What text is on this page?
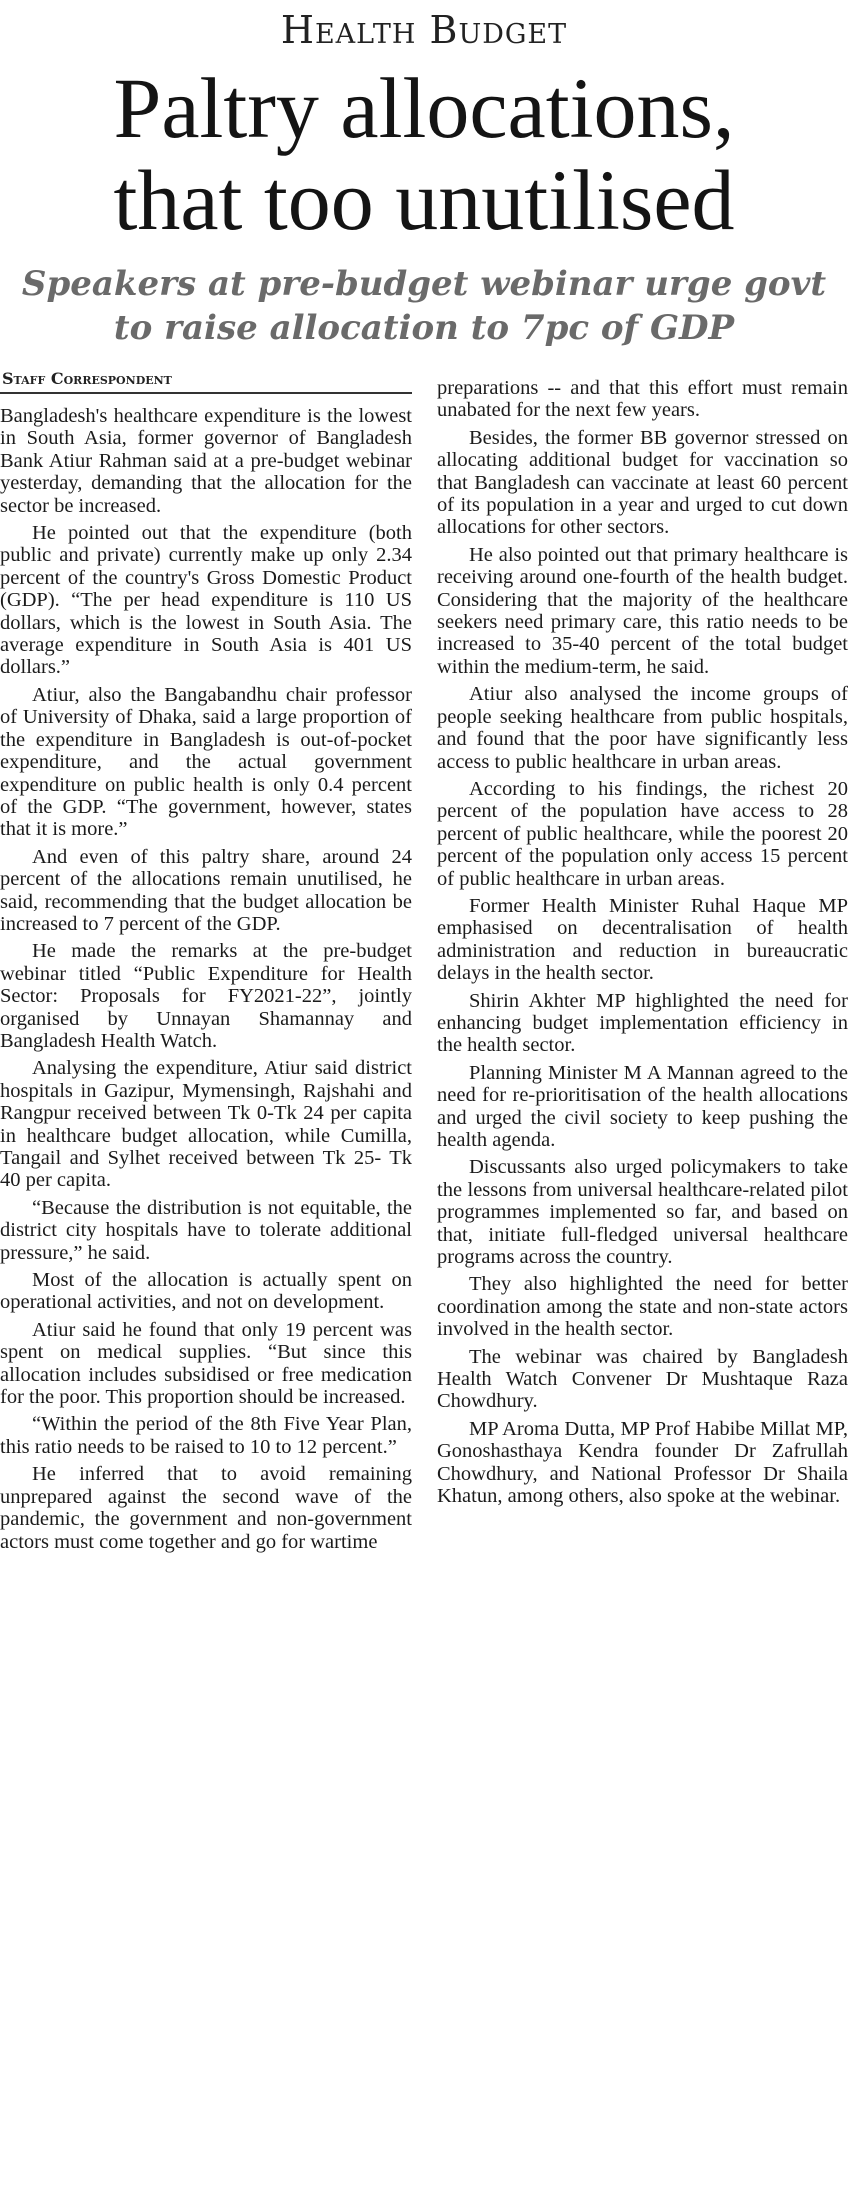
Health Budget
Paltry allocations,
that too unutilised
Speakers at pre-budget webinar urge govt
to raise allocation to 7pc of GDP
Staff Correspondent

Bangladesh's healthcare expenditure is the lowest in South Asia, former governor of Bangladesh Bank Atiur Rahman said at a pre-budget webinar yesterday, demanding that the allocation for the sector be increased.

He pointed out that the expenditure (both public and private) currently make up only 2.34 percent of the country's Gross Domestic Product (GDP). “The per head expenditure is 110 US dollars, which is the lowest in South Asia. The average expenditure in South Asia is 401 US dollars.”

Atiur, also the Bangabandhu chair professor of University of Dhaka, said a large proportion of the expenditure in Bangladesh is out-of-pocket expenditure, and the actual government expenditure on public health is only 0.4 percent of the GDP. “The government, however, states that it is more.”

And even of this paltry share, around 24 percent of the allocations remain unutilised, he said, recommending that the budget allocation be increased to 7 percent of the GDP.

He made the remarks at the pre-budget webinar titled “Public Expenditure for Health Sector: Proposals for FY2021-22”, jointly organised by Unnayan Shamannay and Bangladesh Health Watch.

Analysing the expenditure, Atiur said district hospitals in Gazipur, Mymensingh, Rajshahi and Rangpur received between Tk 0-Tk 24 per capita in healthcare budget allocation, while Cumilla, Tangail and Sylhet received between Tk 25- Tk 40 per capita.

“Because the distribution is not equitable, the district city hospitals have to tolerate additional pressure,” he said.

Most of the allocation is actually spent on operational activities, and not on development.

Atiur said he found that only 19 percent was spent on medical supplies. “But since this allocation includes subsidised or free medication for the poor. This proportion should be increased.

“Within the period of the 8th Five Year Plan, this ratio needs to be raised to 10 to 12 percent.”

He inferred that to avoid remaining unprepared against the second wave of the pandemic, the government and non-government actors must come together and go for wartime

preparations -- and that this effort must remain unabated for the next few years.

Besides, the former BB governor stressed on allocating additional budget for vaccination so that Bangladesh can vaccinate at least 60 percent of its population in a year and urged to cut down allocations for other sectors.

He also pointed out that primary healthcare is receiving around one-fourth of the health budget. Considering that the majority of the healthcare seekers need primary care, this ratio needs to be increased to 35-40 percent of the total budget within the medium-term, he said.

Atiur also analysed the income groups of people seeking healthcare from public hospitals, and found that the poor have significantly less access to public healthcare in urban areas.

According to his findings, the richest 20 percent of the population have access to 28 percent of public healthcare, while the poorest 20 percent of the population only access 15 percent of public healthcare in urban areas.

Former Health Minister Ruhal Haque MP emphasised on decentralisation of health administration and reduction in bureaucratic delays in the health sector.

Shirin Akhter MP highlighted the need for enhancing budget implementation efficiency in the health sector.

Planning Minister M A Mannan agreed to the need for re-prioritisation of the health allocations and urged the civil society to keep pushing the health agenda.

Discussants also urged policymakers to take the lessons from universal healthcare-related pilot programmes implemented so far, and based on that, initiate full-fledged universal healthcare programs across the country.

They also highlighted the need for better coordination among the state and non-state actors involved in the health sector.

The webinar was chaired by Bangladesh Health Watch Convener Dr Mushtaque Raza Chowdhury.

MP Aroma Dutta, MP Prof Habibe Millat MP, Gonoshasthaya Kendra founder Dr Zafrullah Chowdhury, and National Professor Dr Shaila Khatun, among others, also spoke at the webinar.
